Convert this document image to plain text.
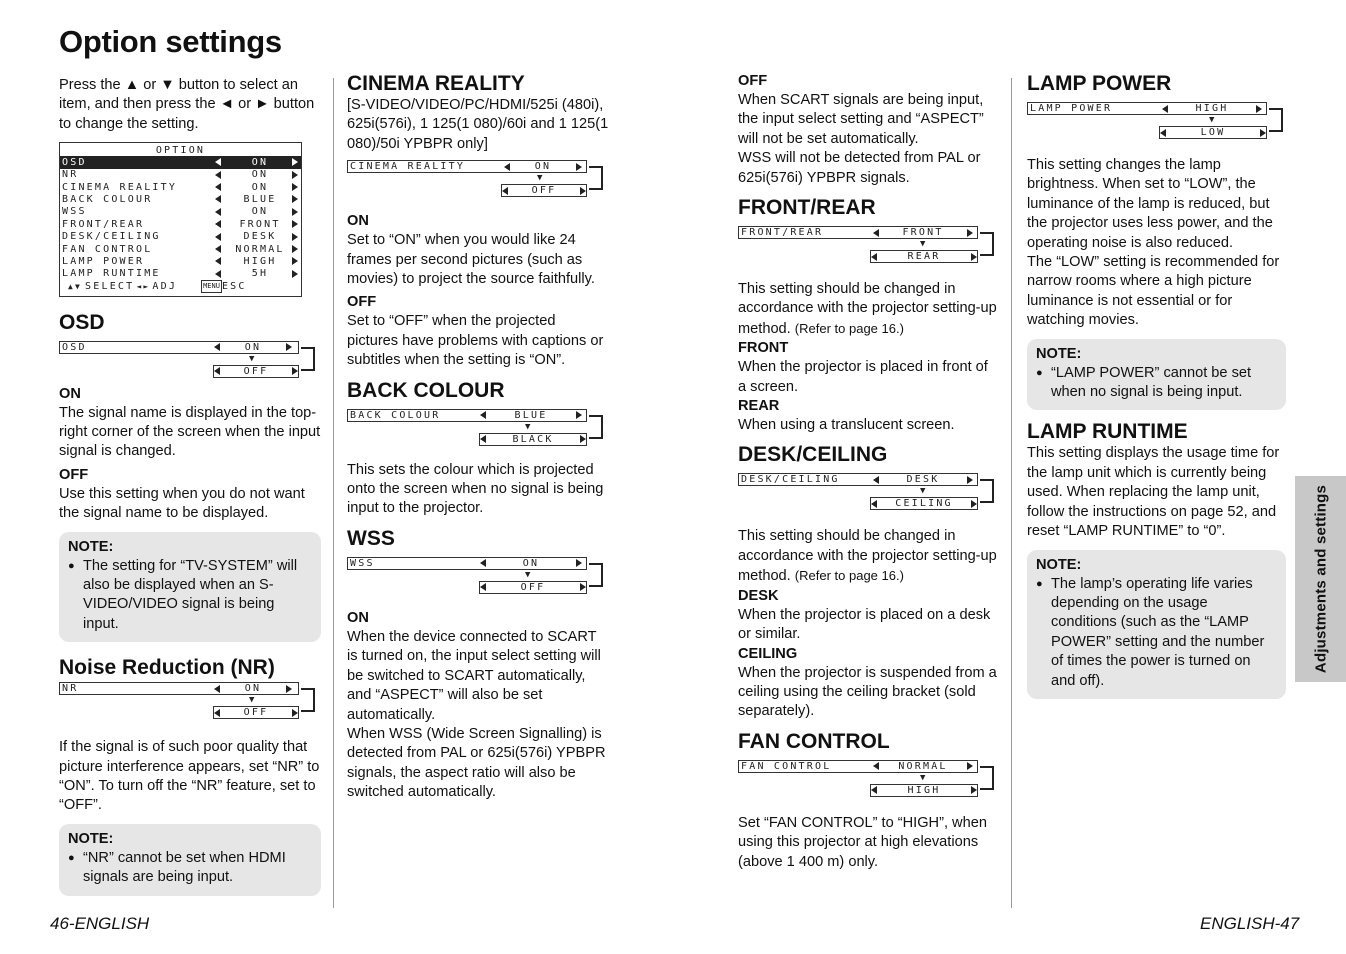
Option settings

Press the ▲ or ▼ button to select an item, and then press the ◄ or ► button to change the setting.

OPTION
OSD	ON
NR	ON
CINEMA REALITY	ON
BACK COLOUR	BLUE
WSS	ON
FRONT/REAR	FRONT
DESK/CEILING	DESK
FAN CONTROL	NORMAL
LAMP POWER	HIGH
LAMP RUNTIME	5H
▲▼ SELECT ◄► ADJ	MENU ESC
OSD
OSD	ON
▼
OFF
ON

The signal name is displayed in the top-right corner of the screen when the input signal is changed.

OFF

Use this setting when you do not want the signal name to be displayed.

NOTE:
● The setting for “TV-SYSTEM” will also be displayed when an S-VIDEO/VIDEO signal is being input.
Noise Reduction (NR)
NR	ON
▼
OFF

If the signal is of such poor quality that picture interference appears, set “NR” to “ON”. To turn off the “NR” feature, set to “OFF”.

NOTE:
● “NR” cannot be set when HDMI signals are being input.
CINEMA REALITY

[S-VIDEO/VIDEO/PC/HDMI/525i (480i), 625i(576i), 1 125(1 080)/60i and 1 125(1 080)/50i YPBPR only]

CINEMA REALITY	ON
▼
OFF
ON

Set to “ON” when you would like 24 frames per second pictures (such as movies) to project the source faithfully.

OFF

Set to “OFF” when the projected pictures have problems with captions or subtitles when the setting is “ON”.

BACK COLOUR
BACK COLOUR	BLUE
▼
BLACK

This sets the colour which is projected onto the screen when no signal is being input to the projector.

WSS
WSS	ON
▼
OFF
ON

When the device connected to SCART is turned on, the input select setting will be switched to SCART automatically, and “ASPECT” will also be set automatically.

When WSS (Wide Screen Signalling) is detected from PAL or 625i(576i) YPBPR signals, the aspect ratio will also be switched automatically.

OFF

When SCART signals are being input, the input select setting and “ASPECT” will not be set automatically.

WSS will not be detected from PAL or 625i(576i) YPBPR signals.

FRONT/REAR
FRONT/REAR	FRONT
▼
REAR

This setting should be changed in accordance with the projector setting-up method. (Refer to page 16.)

FRONT

When the projector is placed in front of a screen.

REAR

When using a translucent screen.

DESK/CEILING
DESK/CEILING	DESK
▼
CEILING

This setting should be changed in accordance with the projector setting-up method. (Refer to page 16.)

DESK

When the projector is placed on a desk or similar.

CEILING

When the projector is suspended from a ceiling using the ceiling bracket (sold separately).

FAN CONTROL
FAN CONTROL	NORMAL
▼
HIGH

Set “FAN CONTROL” to “HIGH”, when using this projector at high elevations (above 1 400 m) only.

LAMP POWER
LAMP POWER	HIGH
▼
LOW

This setting changes the lamp brightness. When set to “LOW”, the luminance of the lamp is reduced, but the projector uses less power, and the operating noise is also reduced.

The “LOW” setting is recommended for narrow rooms where a high picture luminance is not essential or for watching movies.

NOTE:
● “LAMP POWER” cannot be set when no signal is being input.
LAMP RUNTIME

This setting displays the usage time for the lamp unit which is currently being used. When replacing the lamp unit, follow the instructions on page 52, and reset “LAMP RUNTIME” to “0”.

NOTE:
● The lamp’s operating life varies depending on the usage conditions (such as the “LAMP POWER” setting and the number of times the power is turned on and off).
Adjustments and settings
46-ENGLISH	ENGLISH-47
